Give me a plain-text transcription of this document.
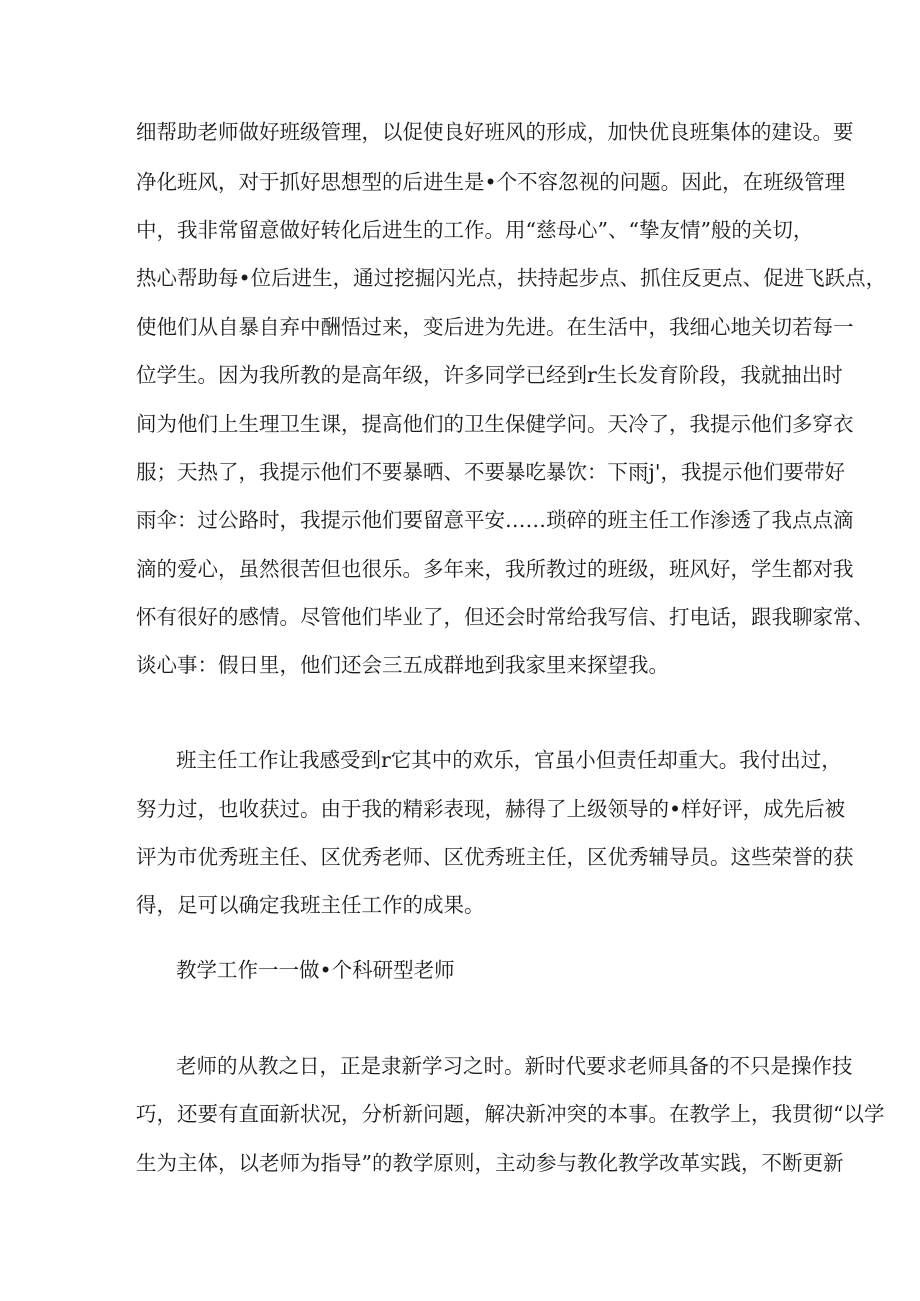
细帮助老师做好班级管理，以促使良好班风的形成，加快优良班集体的建设。要
净化班风，对于抓好思想型的后进生是•个不容忽视的问题。因此，在班级管理
中，我非常留意做好转化后进生的工作。用“慈母心”、“挚友情”般的关切，
热心帮助每•位后进生，通过挖掘闪光点，扶持起步点、抓住反更点、促进飞跃点，
使他们从自暴自弃中酬悟过来，变后进为先进。在生活中，我细心地关切若每一
位学生。因为我所教的是高年级，许多同学已经到r生长发育阶段，我就抽出时
间为他们上生理卫生课，提高他们的卫生保健学问。天冷了，我提示他们多穿衣
服；天热了，我提示他们不要暴晒、不要暴吃暴饮：下雨j'，我提示他们要带好
雨伞：过公路时，我提示他们要留意平安……琐碎的班主任工作渗透了我点点滴
滴的爱心，虽然很苦但也很乐。多年来，我所教过的班级，班风好，学生都对我
怀有很好的感情。尽管他们毕业了，但还会时常给我写信、打电话，跟我聊家常、
谈心事：假日里，他们还会三五成群地到我家里来探望我。
班主任工作让我感受到r它其中的欢乐，官虽小但责任却重大。我付出过，
努力过，也收获过。由于我的精彩表现，赫得了上级领导的•样好评，成先后被
评为市优秀班主任、区优秀老师、区优秀班主任，区优秀辅导员。这些荣誉的获
得，足可以确定我班主任工作的成果。
教学工作一一做•个科研型老师
老师的从教之日，正是隶新学习之时。新时代要求老师具备的不只是操作技
巧，还要有直面新状况，分析新问题，解决新冲突的本事。在教学上，我贯彻“以学
生为主体，以老师为指导”的教学原则，主动参与教化教学改革实践，不断更新
